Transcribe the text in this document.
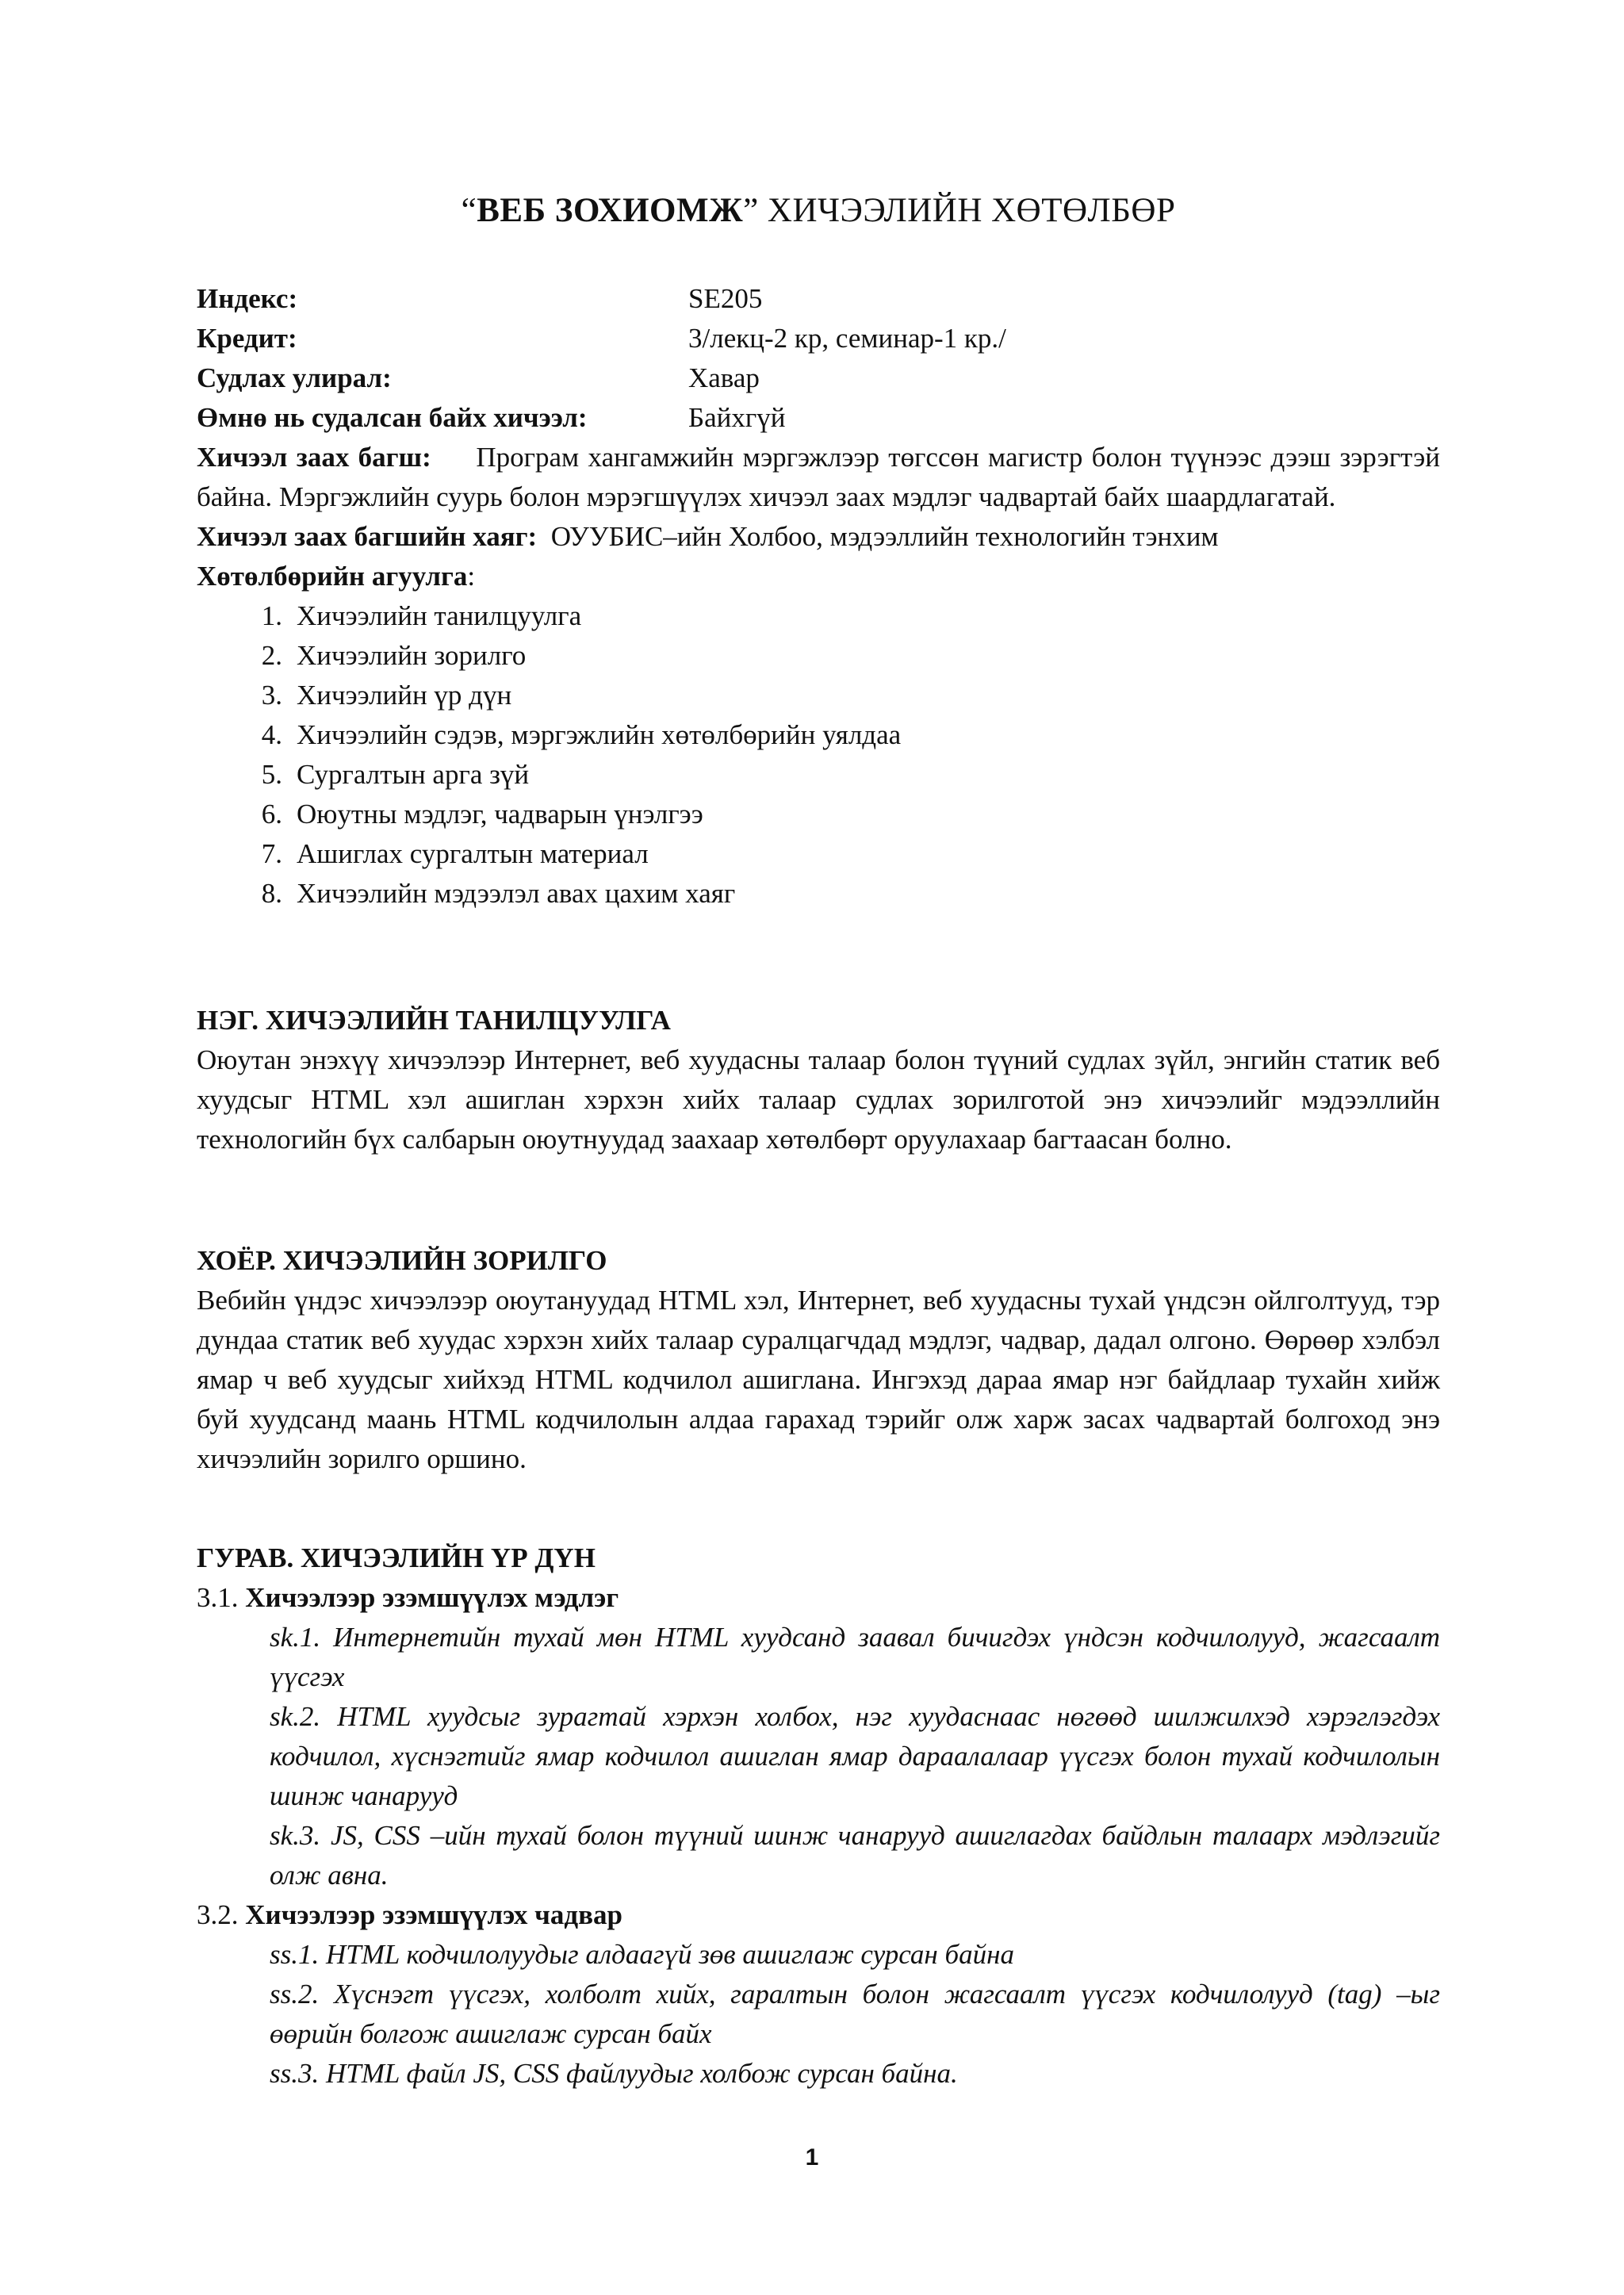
“ВЕБ ЗОХИОМЖ” ХИЧЭЭЛИЙН ХӨТӨЛБӨР
Индекс:	SE205
Кредит:	3/лекц-2 кр, семинар-1 кр./
Судлах улирал:	Хавар
Өмнө нь судалсан байх хичээл:	Байхгүй
Хичээл заах багш: Програм хангамжийн мэргэжлээр төгссөн магистр болон түүнээс дээш зэрэгтэй байна. Мэргэжлийн суурь болон мэрэгшүүлэх хичээл заах мэдлэг чадвартай байх шаардлагатай.
Хичээл заах багшийн хаяг: ОУУБИС–ийн Холбоо, мэдээллийн технологийн тэнхим
Хөтөлбөрийн агуулга:
1. Хичээлийн танилцуулга
2. Хичээлийн зорилго
3. Хичээлийн үр дүн
4. Хичээлийн сэдэв, мэргэжлийн хөтөлбөрийн уялдаа
5. Сургалтын арга зүй
6. Оюутны мэдлэг, чадварын үнэлгээ
7. Ашиглах сургалтын материал
8. Хичээлийн мэдээлэл авах цахим хаяг
НЭГ. ХИЧЭЭЛИЙН ТАНИЛЦУУЛГА
Оюутан энэхүү хичээлээр Интернет, веб хуудасны талаар болон түүний судлах зүйл, энгийн статик веб хуудсыг HTML хэл ашиглан хэрхэн хийх талаар судлах зорилготой энэ хичээлийг мэдээллийн технологийн бүх салбарын оюутнуудад заахаар хөтөлбөрт оруулахаар багтаасан болно.
ХОЁР. ХИЧЭЭЛИЙН ЗОРИЛГО
Вебийн үндэс хичээлээр оюутануудад HTML хэл, Интернет, веб хуудасны тухай үндсэн ойлголтууд, тэр дундаа статик веб хуудас хэрхэн хийх талаар суралцагчдад мэдлэг, чадвар, дадал олгоно. Өөрөөр хэлбэл ямар ч веб хуудсыг хийхэд HTML кодчилол ашиглана. Ингэхэд дараа ямар нэг байдлаар тухайн хийж буй хуудсанд маань HTML кодчилолын алдаа гарахад тэрийг олж харж засах чадвартай болгоход энэ хичээлийн зорилго оршино.
ГУРАВ. ХИЧЭЭЛИЙН ҮР ДҮН
3.1. Хичээлээр эзэмшүүлэх мэдлэг
sk.1. Интернетийн тухай мөн HTML хуудсанд заавал бичигдэх үндсэн кодчилолууд, жагсаалт үүсгэх
sk.2. HTML хуудсыг зурагтай хэрхэн холбох, нэг хуудаснаас нөгөөд шилжилхэд хэрэглэгдэх кодчилол, хүснэгтийг ямар кодчилол ашиглан ямар дараалалаар үүсгэх болон тухай кодчилолын шинж чанарууд
sk.3. JS, CSS –ийн тухай болон түүний шинж чанарууд ашиглагдах байдлын талаарх мэдлэгийг олж авна.
3.2. Хичээлээр эзэмшүүлэх чадвар
ss.1. HTML кодчилолуудыг алдаагүй зөв ашиглаж сурсан байна
ss.2. Хүснэгт үүсгэх, холболт хийх, гаралтын болон жагсаалт үүсгэх кодчилолууд (tag) –ыг өөрийн болгож ашиглаж сурсан байх
ss.3. HTML файл JS, CSS файлуудыг холбож сурсан байна.
1
